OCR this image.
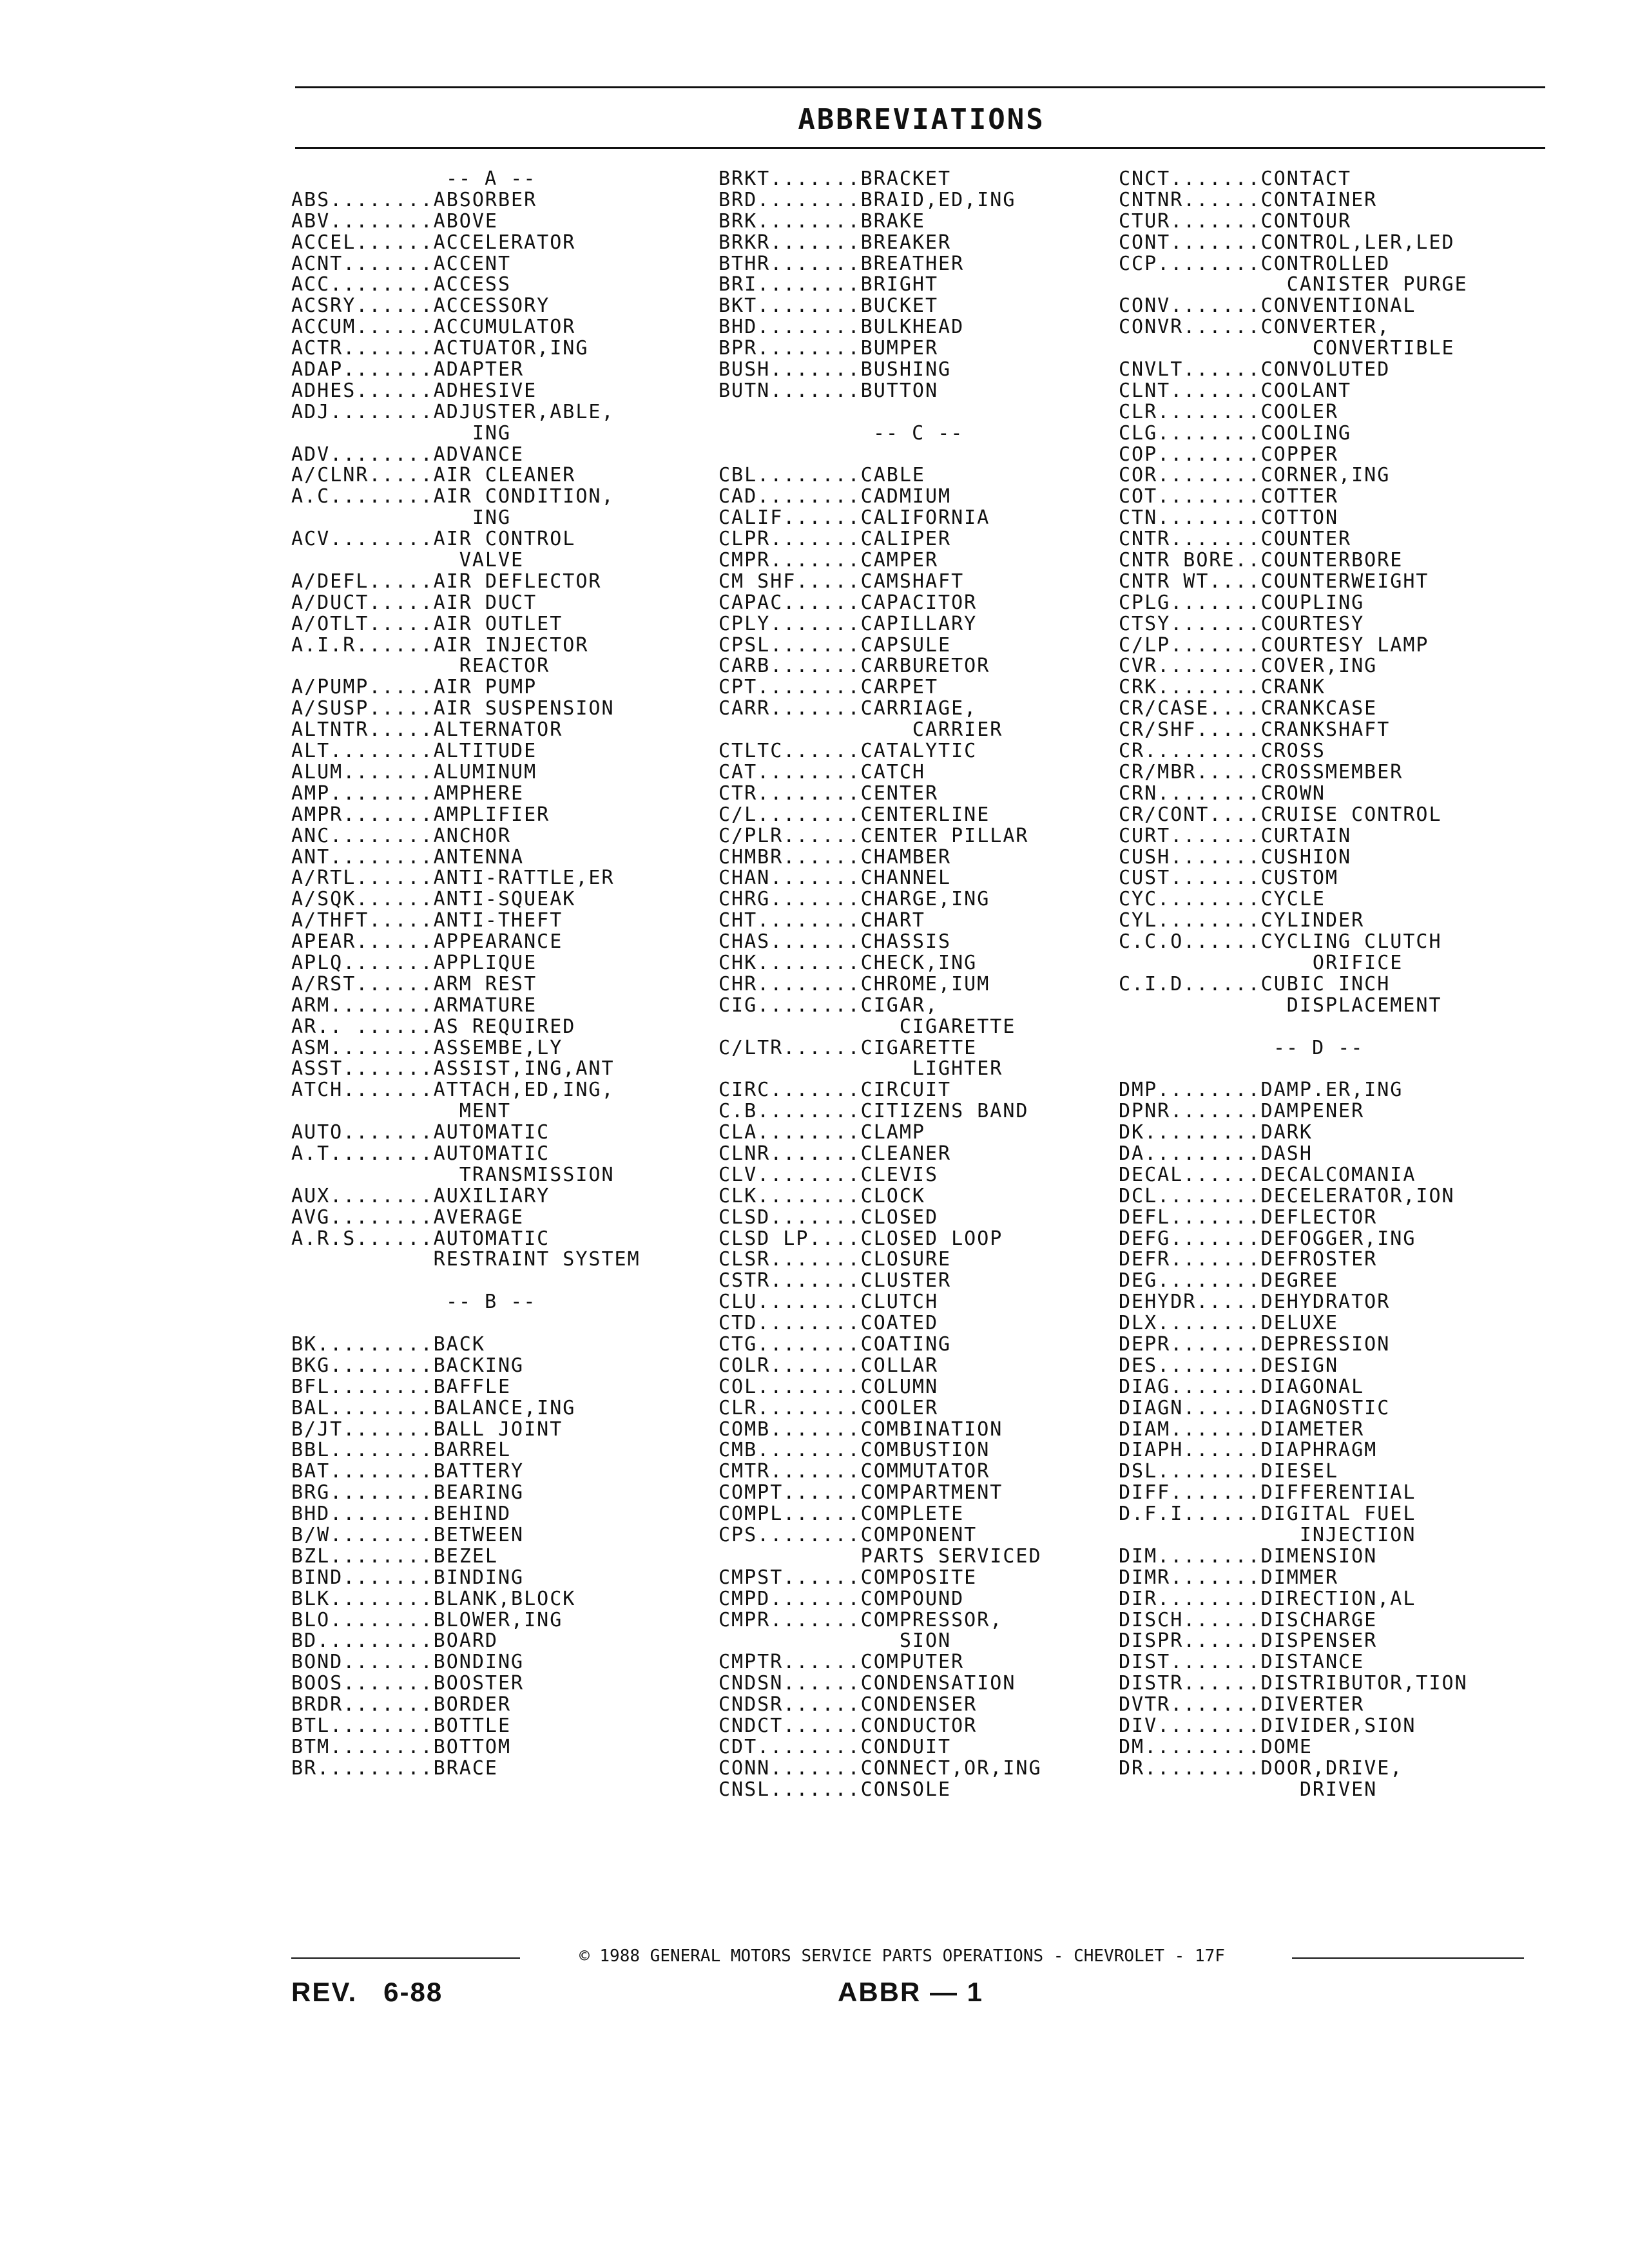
ABBREVIATIONS
-- A --
ABS........ABSORBER
ABV........ABOVE
ACCEL......ACCELERATOR
ACNT.......ACCENT
ACC........ACCESS
ACSRY......ACCESSORY
ACCUM......ACCUMULATOR
ACTR.......ACTUATOR,ING
ADAP.......ADAPTER
ADHES......ADHESIVE
ADJ........ADJUSTER,ABLE,
ING
ADV........ADVANCE
A/CLNR.....AIR CLEANER
A.C........AIR CONDITION,
ING
ACV........AIR CONTROL
VALVE
A/DEFL.....AIR DEFLECTOR
A/DUCT.....AIR DUCT
A/OTLT.....AIR OUTLET
A.I.R......AIR INJECTOR
REACTOR
A/PUMP.....AIR PUMP
A/SUSP.....AIR SUSPENSION
ALTNTR.....ALTERNATOR
ALT........ALTITUDE
ALUM.......ALUMINUM
AMP........AMPHERE
AMPR.......AMPLIFIER
ANC........ANCHOR
ANT........ANTENNA
A/RTL......ANTI-RATTLE,ER
A/SQK......ANTI-SQUEAK
A/THFT.....ANTI-THEFT
APEAR......APPEARANCE
APLQ.......APPLIQUE
A/RST......ARM REST
ARM........ARMATURE
AR.. ......AS REQUIRED
ASM........ASSEMBE,LY
ASST.......ASSIST,ING,ANT
ATCH.......ATTACH,ED,ING,
MENT
AUTO.......AUTOMATIC
A.T........AUTOMATIC
TRANSMISSION
AUX........AUXILIARY
AVG........AVERAGE
A.R.S......AUTOMATIC
RESTRAINT SYSTEM
-- B --
BK.........BACK
BKG........BACKING
BFL........BAFFLE
BAL........BALANCE,ING
B/JT.......BALL JOINT
BBL........BARREL
BAT........BATTERY
BRG........BEARING
BHD........BEHIND
B/W........BETWEEN
BZL........BEZEL
BIND.......BINDING
BLK........BLANK,BLOCK
BLO........BLOWER,ING
BD.........BOARD
BOND.......BONDING
BOOS.......BOOSTER
BRDR.......BORDER
BTL........BOTTLE
BTM........BOTTOM
BR.........BRACE
BRKT.......BRACKET
BRD........BRAID,ED,ING
BRK........BRAKE
BRKR.......BREAKER
BTHR.......BREATHER
BRI........BRIGHT
BKT........BUCKET
BHD........BULKHEAD
BPR........BUMPER
BUSH.......BUSHING
BUTN.......BUTTON
-- C --
CBL........CABLE
CAD........CADMIUM
CALIF......CALIFORNIA
CLPR.......CALIPER
CMPR.......CAMPER
CM SHF.....CAMSHAFT
CAPAC......CAPACITOR
CPLY.......CAPILLARY
CPSL.......CAPSULE
CARB.......CARBURETOR
CPT........CARPET
CARR.......CARRIAGE,
CARRIER
CTLTC......CATALYTIC
CAT........CATCH
CTR........CENTER
C/L........CENTERLINE
C/PLR......CENTER PILLAR
CHMBR......CHAMBER
CHAN.......CHANNEL
CHRG.......CHARGE,ING
CHT........CHART
CHAS.......CHASSIS
CHK........CHECK,ING
CHR........CHROME,IUM
CIG........CIGAR,
CIGARETTE
C/LTR......CIGARETTE
LIGHTER
CIRC.......CIRCUIT
C.B........CITIZENS BAND
CLA........CLAMP
CLNR.......CLEANER
CLV........CLEVIS
CLK........CLOCK
CLSD.......CLOSED
CLSD LP....CLOSED LOOP
CLSR.......CLOSURE
CSTR.......CLUSTER
CLU........CLUTCH
CTD........COATED
CTG........COATING
COLR.......COLLAR
COL........COLUMN
CLR........COOLER
COMB.......COMBINATION
CMB........COMBUSTION
CMTR.......COMMUTATOR
COMPT......COMPARTMENT
COMPL......COMPLETE
CPS........COMPONENT
PARTS SERVICED
CMPST......COMPOSITE
CMPD.......COMPOUND
CMPR.......COMPRESSOR,
SION
CMPTR......COMPUTER
CNDSN......CONDENSATION
CNDSR......CONDENSER
CNDCT......CONDUCTOR
CDT........CONDUIT
CONN.......CONNECT,OR,ING
CNSL.......CONSOLE
CNCT.......CONTACT
CNTNR......CONTAINER
CTUR.......CONTOUR
CONT.......CONTROL,LER,LED
CCP........CONTROLLED
CANISTER PURGE
CONV.......CONVENTIONAL
CONVR......CONVERTER,
CONVERTIBLE
CNVLT......CONVOLUTED
CLNT.......COOLANT
CLR........COOLER
CLG........COOLING
COP........COPPER
COR........CORNER,ING
COT........COTTER
CTN........COTTON
CNTR.......COUNTER
CNTR BORE..COUNTERBORE
CNTR WT....COUNTERWEIGHT
CPLG.......COUPLING
CTSY.......COURTESY
C/LP.......COURTESY LAMP
CVR........COVER,ING
CRK........CRANK
CR/CASE....CRANKCASE
CR/SHF.....CRANKSHAFT
CR.........CROSS
CR/MBR.....CROSSMEMBER
CRN........CROWN
CR/CONT....CRUISE CONTROL
CURT.......CURTAIN
CUSH.......CUSHION
CUST.......CUSTOM
CYC........CYCLE
CYL........CYLINDER
C.C.O......CYCLING CLUTCH
ORIFICE
C.I.D......CUBIC INCH
DISPLACEMENT
-- D --
DMP........DAMP.ER,ING
DPNR.......DAMPENER
DK.........DARK
DA.........DASH
DECAL......DECALCOMANIA
DCL........DECELERATOR,ION
DEFL.......DEFLECTOR
DEFG.......DEFOGGER,ING
DEFR.......DEFROSTER
DEG........DEGREE
DEHYDR.....DEHYDRATOR
DLX........DELUXE
DEPR.......DEPRESSION
DES........DESIGN
DIAG.......DIAGONAL
DIAGN......DIAGNOSTIC
DIAM.......DIAMETER
DIAPH......DIAPHRAGM
DSL........DIESEL
DIFF.......DIFFERENTIAL
D.F.I......DIGITAL FUEL
INJECTION
DIM........DIMENSION
DIMR.......DIMMER
DIR........DIRECTION,AL
DISCH......DISCHARGE
DISPR......DISPENSER
DIST.......DISTANCE
DISTR......DISTRIBUTOR,TION
DVTR.......DIVERTER
DIV........DIVIDER,SION
DM.........DOME
DR.........DOOR,DRIVE,
DRIVEN
© 1988 GENERAL MOTORS SERVICE PARTS OPERATIONS - CHEVROLET - 17F
REV.   6-88	ABBR — 1
